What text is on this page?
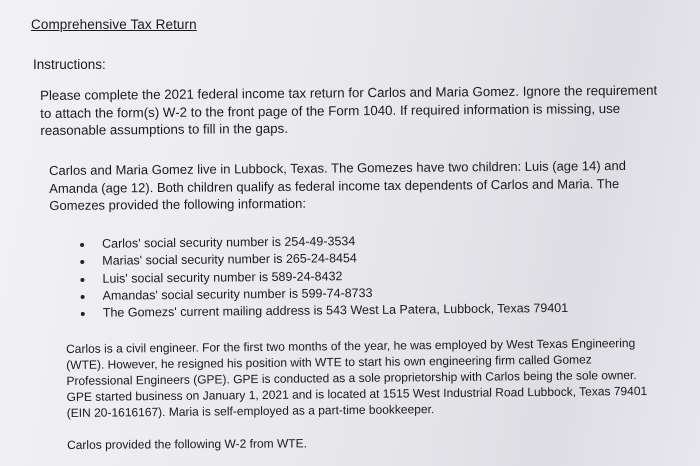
Comprehensive Tax Return
Instructions:

Please complete the 2021 federal income tax return for Carlos and Maria Gomez. Ignore the requirement to attach the form(s) W-2 to the front page of the Form 1040. If required information is missing, use reasonable assumptions to fill in the gaps.

Carlos and Maria Gomez live in Lubbock, Texas. The Gomezes have two children: Luis (age 14) and Amanda (age 12). Both children qualify as federal income tax dependents of Carlos and Maria. The Gomezes provided the following information:

Carlos' social security number is 254-49-3534
Marias' social security number is 265-24-8454
Luis' social security number is 589-24-8432
Amandas' social security number is 599-74-8733
The Gomezs' current mailing address is 543 West La Patera, Lubbock, Texas 79401

Carlos is a civil engineer. For the first two months of the year, he was employed by West Texas Engineering (WTE). However, he resigned his position with WTE to start his own engineering firm called Gomez Professional Engineers (GPE). GPE is conducted as a sole proprietorship with Carlos being the sole owner. GPE started business on January 1, 2021 and is located at 1515 West Industrial Road Lubbock, Texas 79401 (EIN 20-1616167). Maria is self-employed as a part-time bookkeeper.

Carlos provided the following W-2 from WTE.
